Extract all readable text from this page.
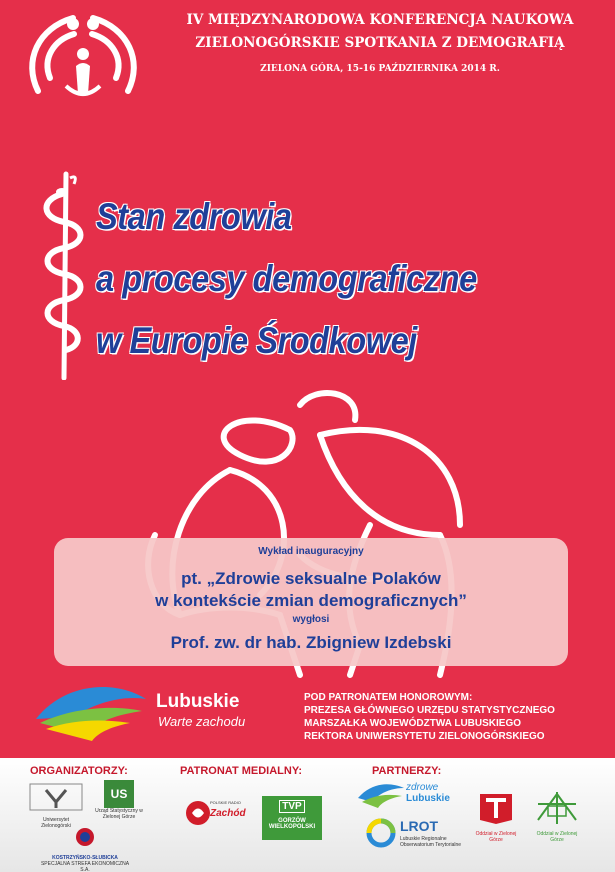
IV MIĘDZYNARODOWA KONFERENCJA NAUKOWA
ZIELONOGÓRSKIE SPOTKANIA Z DEMOGRAFIĄ
ZIELONA GÓRA, 15-16 PAŹDZIERNIKA 2014 R.
Stan zdrowia
a procesy demograficzne
w Europie Środkowej
Wykład inauguracyjny
pt. „Zdrowie seksualne Polaków
w kontekście zmian demograficznych”
wygłosi
Prof. zw. dr hab. Zbigniew Izdebski
Lubuskie
Warte zachodu
POD PATRONATEM HONOROWYM:
PREZESA GŁÓWNEGO URZĘDU STATYSTYCZNEGO
MARSZAŁKA WOJEWÓDZTWA LUBUSKIEGO
REKTORA UNIWERSYTETU ZIELONOGÓRSKIEGO
ORGANIZATORZY:	PATRONAT MEDIALNY:	PARTNERZY:
Uniwersytet Zielonogórski
US
Urząd Statystyczny w Zielonej Górze
KOSTRZYŃSKO-SŁUBICKA
SPECJALNA STREFA EKONOMICZNA S.A.
POLSKIE RADIO
Zachód
TVP
GORZÓW
WIELKOPOLSKI
zdrowe
Lubuskie
LROT
Lubuskie Regionalne
Obserwatorium Terytorialne
Oddział w Zielonej Górze
Oddział w Zielonej Górze
